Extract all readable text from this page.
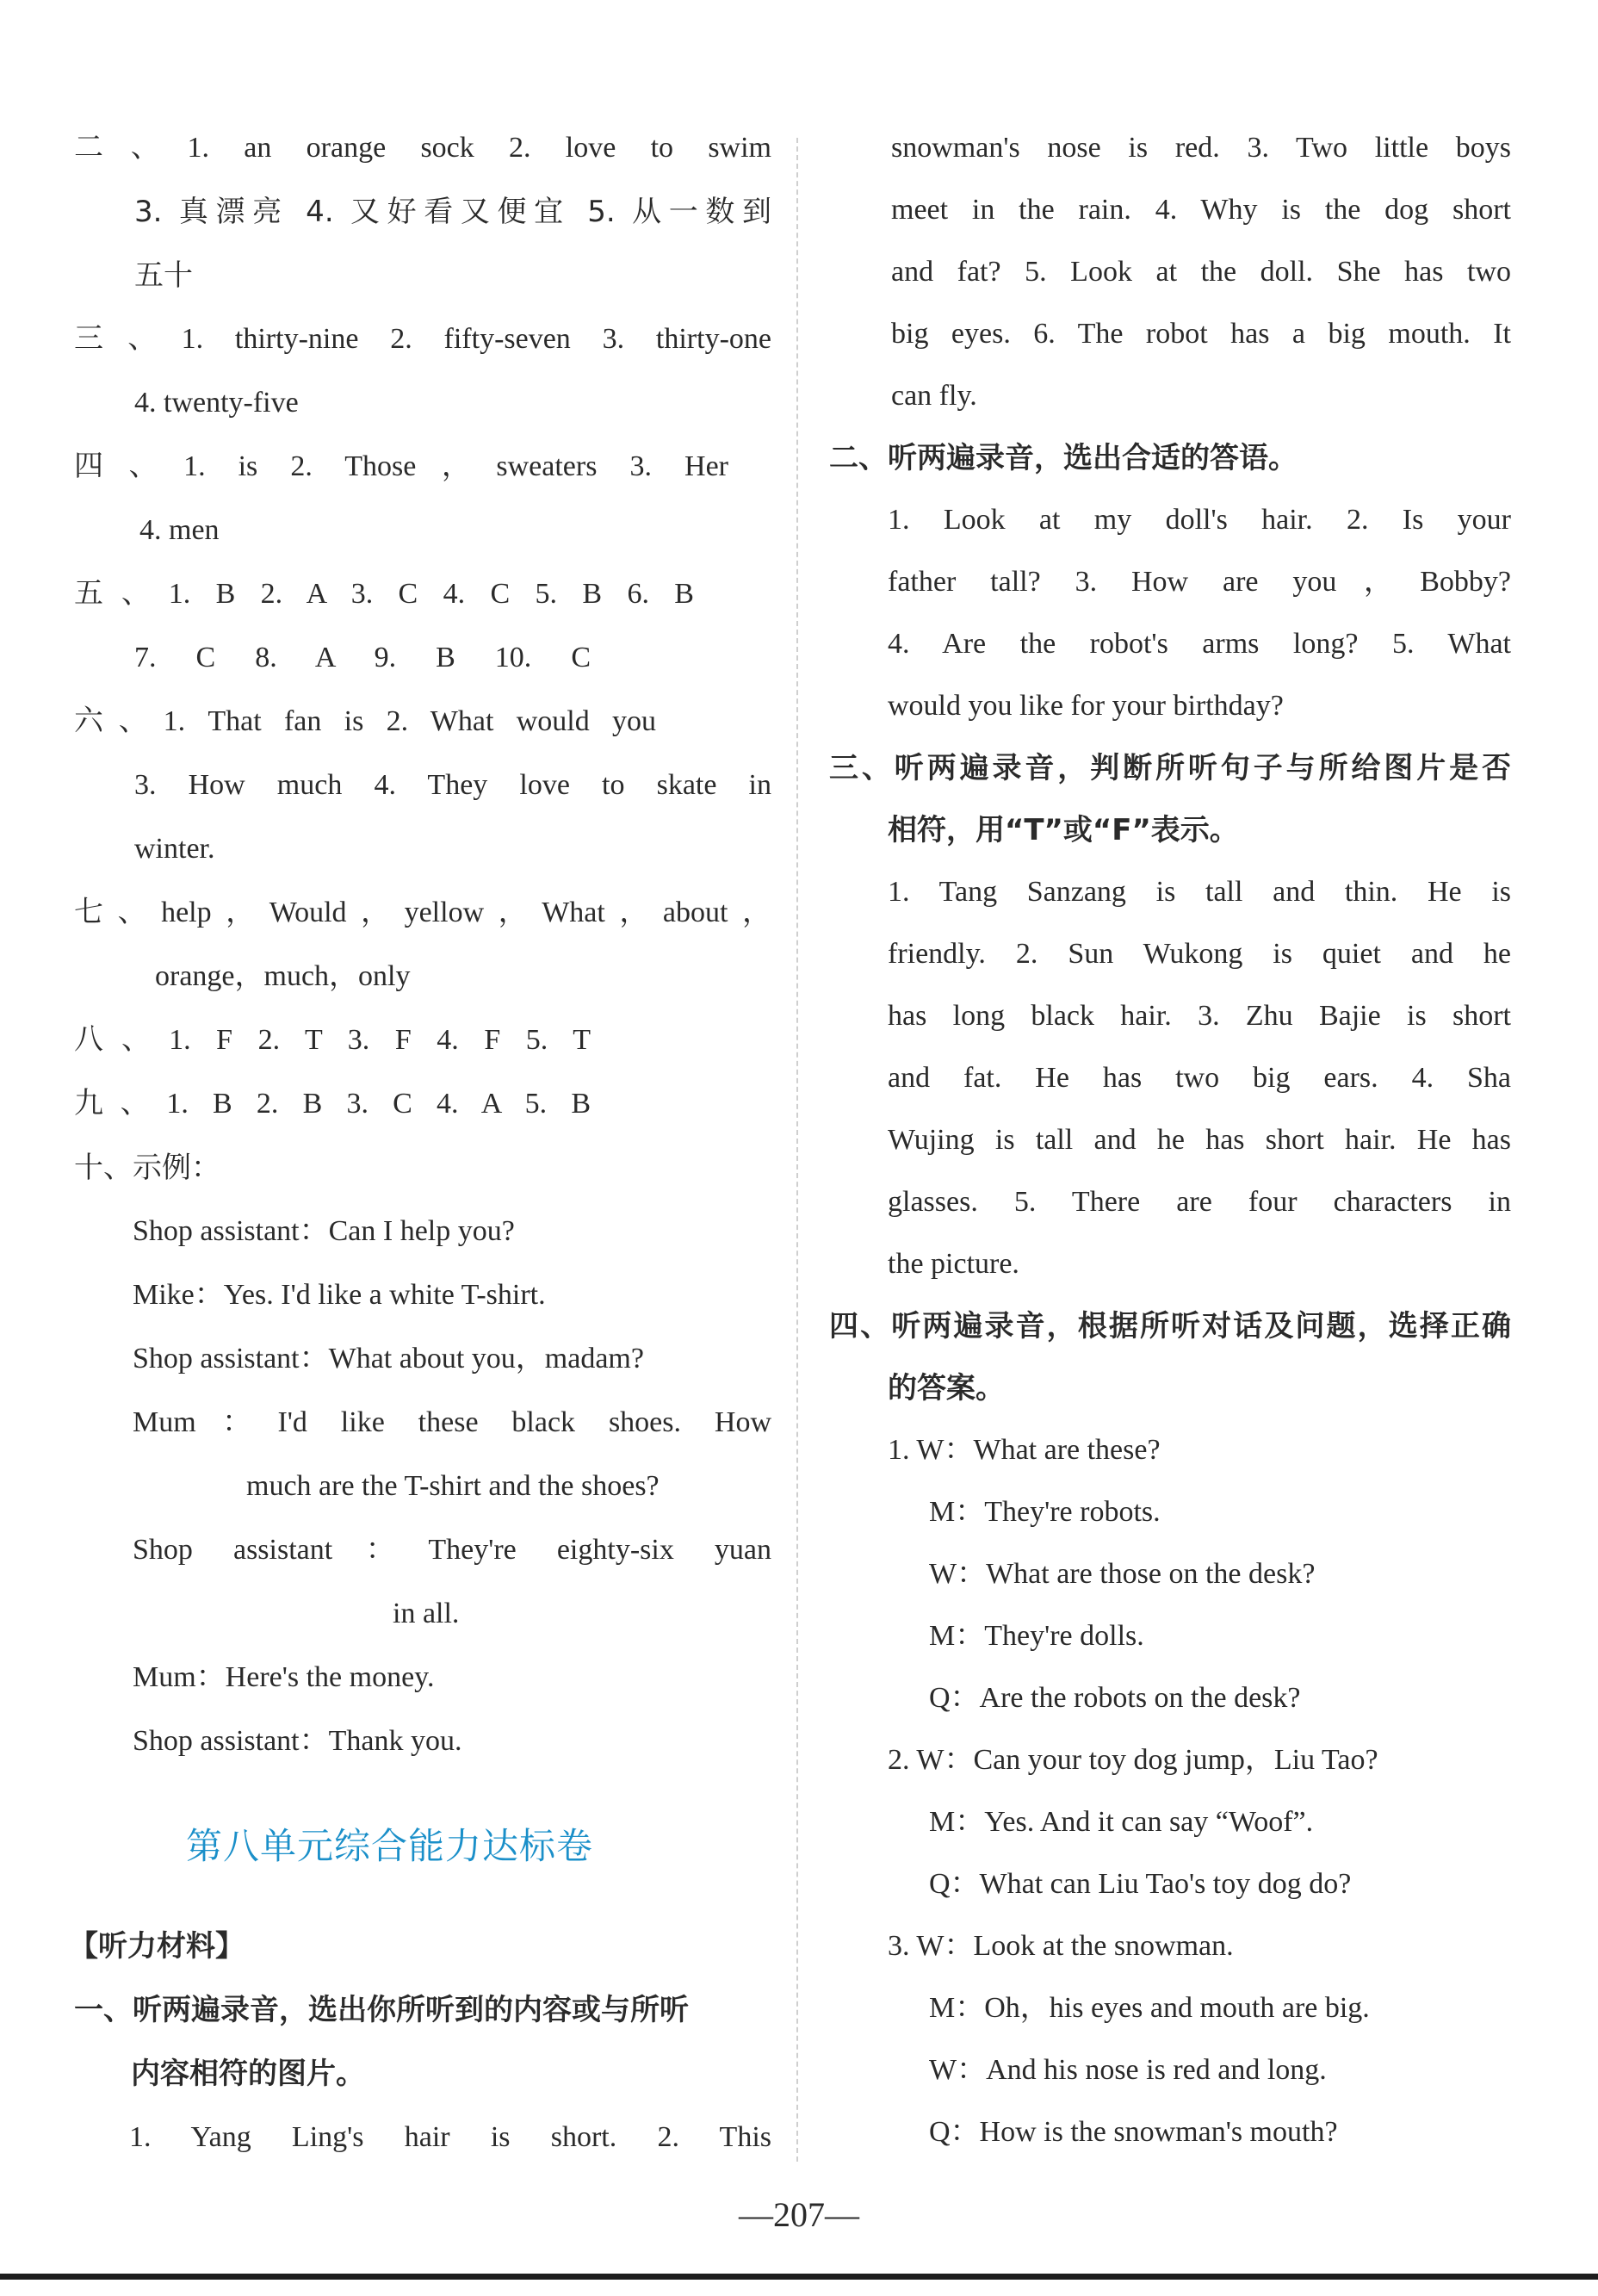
二、1. an orange sock 2. love to swim
3. 真漂亮 4. 又好看又便宜 5. 从一数到
五十
三、1. thirty-nine 2. fifty-seven 3. thirty-one
4. twenty-five
四、1. is 2. Those，sweaters 3. Her
4. men
五、1. B 2. A 3. C 4. C 5. B 6. B
7. C 8. A 9. B 10. C
六、1. That fan is 2. What would you
3. How much 4. They love to skate in
winter.
七、help，Would，yellow，What，about，
orange，much，only
八、1. F 2. T 3. F 4. F 5. T
九、1. B 2. B 3. C 4. A 5. B
十、示例：
Shop assistant：Can I help you?
Mike：Yes. I'd like a white T-shirt.
Shop assistant：What about you，madam?
Mum：I'd like these black shoes. How
much are the T-shirt and the shoes?
Shop assistant：They're eighty-six yuan
in all.
Mum：Here's the money.
Shop assistant：Thank you.
第八单元综合能力达标卷
【听力材料】
一、听两遍录音，选出你所听到的内容或与所听
内容相符的图片。
1. Yang Ling's hair is short. 2. This
snowman's nose is red. 3. Two little boys
meet in the rain. 4. Why is the dog short
and fat? 5. Look at the doll. She has two
big eyes. 6. The robot has a big mouth. It
can fly.
二、听两遍录音，选出合适的答语。
1. Look at my doll's hair. 2. Is your
father tall? 3. How are you，Bobby?
4. Are the robot's arms long? 5. What
would you like for your birthday?
三、听两遍录音，判断所听句子与所给图片是否
相符，用“T”或“F”表示。
1. Tang Sanzang is tall and thin. He is
friendly. 2. Sun Wukong is quiet and he
has long black hair. 3. Zhu Bajie is short
and fat. He has two big ears. 4. Sha
Wujing is tall and he has short hair. He has
glasses. 5. There are four characters in
the picture.
四、听两遍录音，根据所听对话及问题，选择正确
的答案。
1. W：What are these?
M：They're robots.
W：What are those on the desk?
M：They're dolls.
Q：Are the robots on the desk?
2. W：Can your toy dog jump，Liu Tao?
M：Yes. And it can say “Woof”.
Q：What can Liu Tao's toy dog do?
3. W：Look at the snowman.
M：Oh，his eyes and mouth are big.
W：And his nose is red and long.
Q：How is the snowman's mouth?
—207—
